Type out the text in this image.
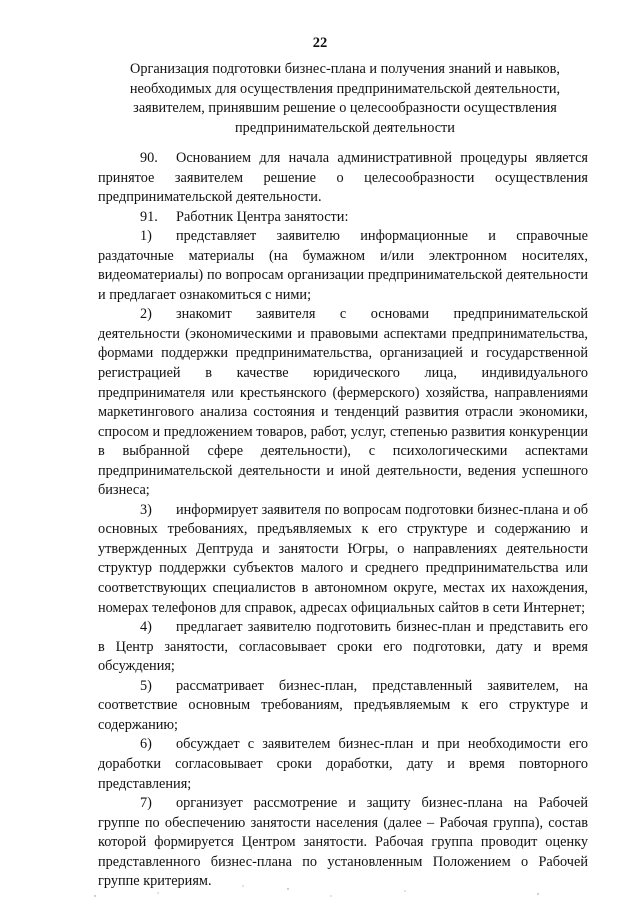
22
Организация подготовки бизнес-плана и получения знаний и навыков, необходимых для осуществления предпринимательской деятельности, заявителем, принявшим решение о целесообразности осуществления предпринимательской деятельности

90. Основанием для начала административной процедуры является принятое заявителем решение о целесообразности осуществления предпринимательской деятельности.

91. Работник Центра занятости:

1) представляет заявителю информационные и справочные раздаточные материалы (на бумажном и/или электронном носителях, видеоматериалы) по вопросам организации предпринимательской деятельности и предлагает ознакомиться с ними;

2) знакомит заявителя с основами предпринимательской деятельности (экономическими и правовыми аспектами предпринимательства, формами поддержки предпринимательства, организацией и государственной регистрацией в качестве юридического лица, индивидуального предпринимателя или крестьянского (фермерского) хозяйства, направлениями маркетингового анализа состояния и тенденций развития отрасли экономики, спросом и предложением товаров, работ, услуг, степенью развития конкуренции в выбранной сфере деятельности), с психологическими аспектами предпринимательской деятельности и иной деятельности, ведения успешного бизнеса;

3) информирует заявителя по вопросам подготовки бизнес-плана и об основных требованиях, предъявляемых к его структуре и содержанию и утвержденных Дептруда и занятости Югры, о направлениях деятельности структур поддержки субъектов малого и среднего предпринимательства или соответствующих специалистов в автономном округе, местах их нахождения, номерах телефонов для справок, адресах официальных сайтов в сети Интернет;

4) предлагает заявителю подготовить бизнес-план и представить его в Центр занятости, согласовывает сроки его подготовки, дату и время обсуждения;

5) рассматривает бизнес-план, представленный заявителем, на соответствие основным требованиям, предъявляемым к его структуре и содержанию;

6) обсуждает с заявителем бизнес-план и при необходимости его доработки согласовывает сроки доработки, дату и время повторного представления;

7) организует рассмотрение и защиту бизнес-плана на Рабочей группе по обеспечению занятости населения (далее – Рабочая группа), состав которой формируется Центром занятости. Рабочая группа проводит оценку представленного бизнес-плана по установленным Положением о Рабочей группе критериям.
